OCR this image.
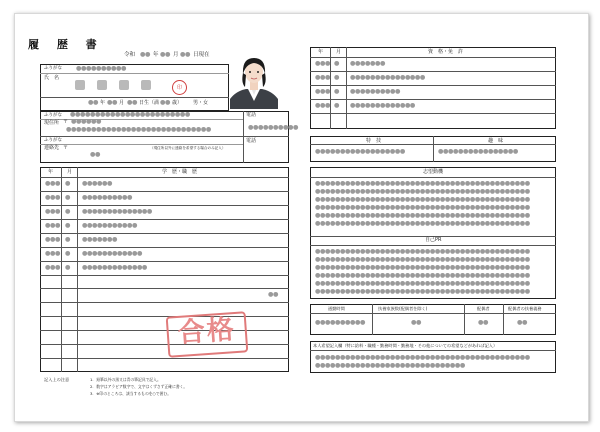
履 歴 書
令和 ●● 年 ●● 月 ●● 日現在
ふりがな ●●●●●●●●●●
氏　名
印
●● 年 ●● 月 ●● 日生（満 ●● 歳） 男・女
ふりがな ●●●●●●●●●●●●●●●●●●●●●●●●
現住所 〒 ●●●●●●
●●●●●●●●●●●●●●●●●●●●●●●●●●●●●
電話
●●●●●●●●●●
ふりがな
連絡先 〒	（現住所以外に連絡を希望する場合のみ記入）
●●
電話
年	月	学　歴・職　歴
●●● ● ●●●●●●
●●● ● ●●●●●●●●●●
●●● ● ●●●●●●●●●●●●●●
●●● ● ●●●●●●●●●●●
●●● ● ●●●●●●●
●●● ● ●●●●●●●●●●●●
●●● ● ●●●●●●●●●●●●●
●●
記入上の注意	1．鉛筆以外の黒又は青の筆記具で記入。
2．数字はアラビア数字で、文字はくずさず正確に書く。
3．※印のところは、該当するものを○で囲む。
合格
年	月	資　格・免　許
●●● ● ●●●●●●●
●●● ● ●●●●●●●●●●●●●●●
●●● ● ●●●●●●●●●●
●●● ● ●●●●●●●●●●●●●
特　技	趣　味
●●●●●●●●●●●●●●●●●●	●●●●●●●●●●●●●●●●
志望動機
自己PR
●●●●●●●●●●●●●●●●●●●●●●●●●●●●●●●●●●●●●●●●●●●
●●●●●●●●●●●●●●●●●●●●●●●●●●●●●●●●●●●●●●●●●●●
●●●●●●●●●●●●●●●●●●●●●●●●●●●●●●●●●●●●●●●●●●●
●●●●●●●●●●●●●●●●●●●●●●●●●●●●●●●●●●●●●●●●●●●
●●●●●●●●●●●●●●●●●●●●●●●●●●●●●●●●●●●●●●●●●●●
●●●●●●●●●●●●●●●●●●●●●●●●●●●●●●●●●●●●●●●●●●●
●●●●●●●●●●●●●●●●●●●●●●●●●●●●●●●●●●●●●●●●●●●
●●●●●●●●●●●●●●●●●●●●●●●●●●●●●●●●●●●●●●●●●●●
●●●●●●●●●●●●●●●●●●●●●●●●●●●●●●●●●●●●●●●●●●●
●●●●●●●●●●●●●●●●●●●●●●●●●●●●●●●●●●●●●●●●●●●
●●●●●●●●●●●●●●●●●●●●●●●●●●●●●●●●●●●●●●●●●●●
●●●●●●●●●●●●●●●●●●●●●●●●●●●●●●●●●●●●●●●●●●●
通勤時間	扶養家族数(配偶者を除く)	配偶者	配偶者の扶養義務
●●●●●●●●●●	●●	●●	●●
本人希望記入欄（特に給料・職種・勤務時間・勤務地・その他についての希望などがあれば記入）
●●●●●●●●●●●●●●●●●●●●●●●●●●●●●●●●●●●●●●●●●●●
●●●●●●●●●●●●●●●●●●●●●●●●●●●●●●
